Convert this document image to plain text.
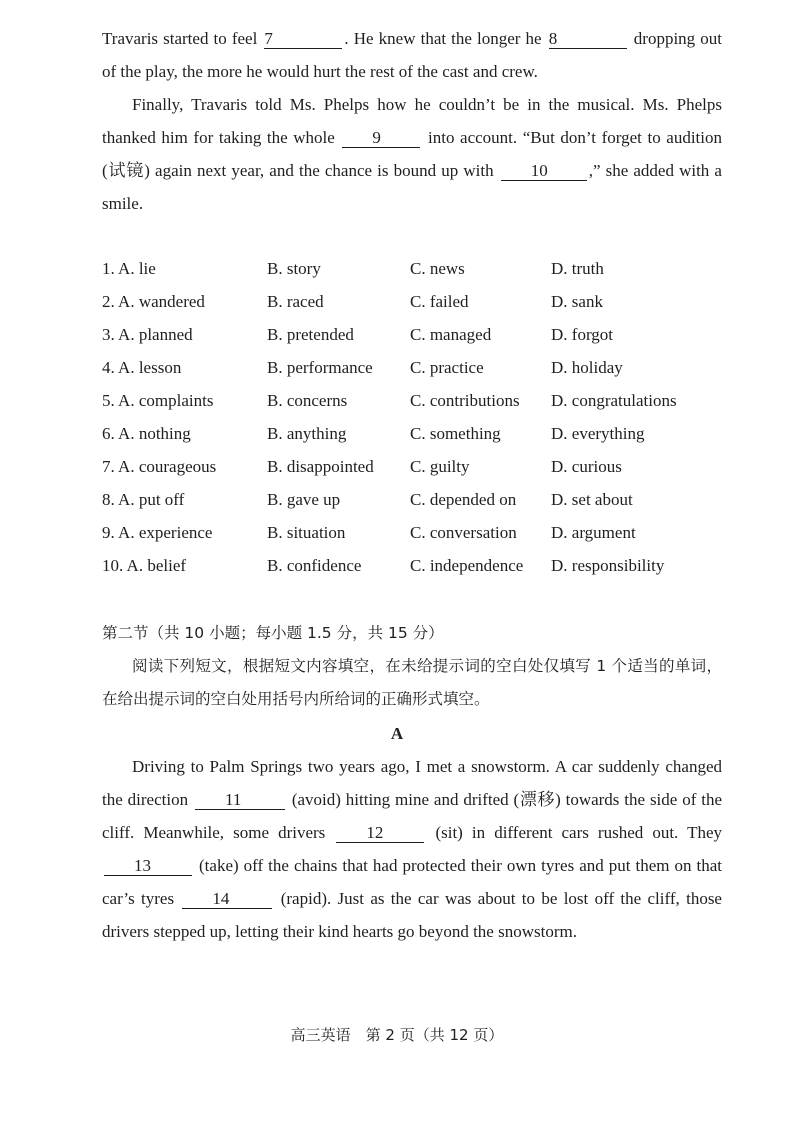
Travaris started to feel 7	. He knew that the longer he 8	dropping out of the play, the more he would hurt the rest of the cast and crew.
Finally, Travaris told Ms. Phelps how he couldn’t be in the musical. Ms. Phelps thanked him for taking the whole 9 into account. “But don’t forget to audition (试镜) again next year, and the chance is bound up with 10 ,” she added with a smile.
1. A. lie	B. story	C. news	D. truth
2. A. wandered	B. raced	C. failed	D. sank
3. A. planned	B. pretended	C. managed	D. forgot
4. A. lesson	B. performance C. practice	D. holiday
5. A. complaints	B. concerns	C. contributions D. congratulations
6. A. nothing	B. anything	C. something	D. everything
7. A. courageous	B. disappointed C. guilty	D. curious
8. A. put off	B. gave up	C. depended on D. set about
9. A. experience	B. situation	C. conversation D. argument
10. A. belief	B. confidence	C. independence D. responsibility
第二节（共 10 小题；每小题 1.5 分，共 15 分）
阅读下列短文，根据短文内容填空，在未给提示词的空白处仅填写 1 个适当的单词，在给出提示词的空白处用括号内所给词的正确形式填空。
A
Driving to Palm Springs two years ago, I met a snowstorm. A car suddenly changed the direction 11	(avoid) hitting mine and drifted (漂移) towards the side of the cliff. Meanwhile, some drivers 12	(sit) in different cars rushed out. They 13	(take) off the chains that had protected their own tyres and put them on that car’s tyres 14	(rapid). Just as the car was about to be lost off the cliff, those drivers stepped up, letting their kind hearts go beyond the snowstorm.
高三英语　第 2 页（共 12 页）
